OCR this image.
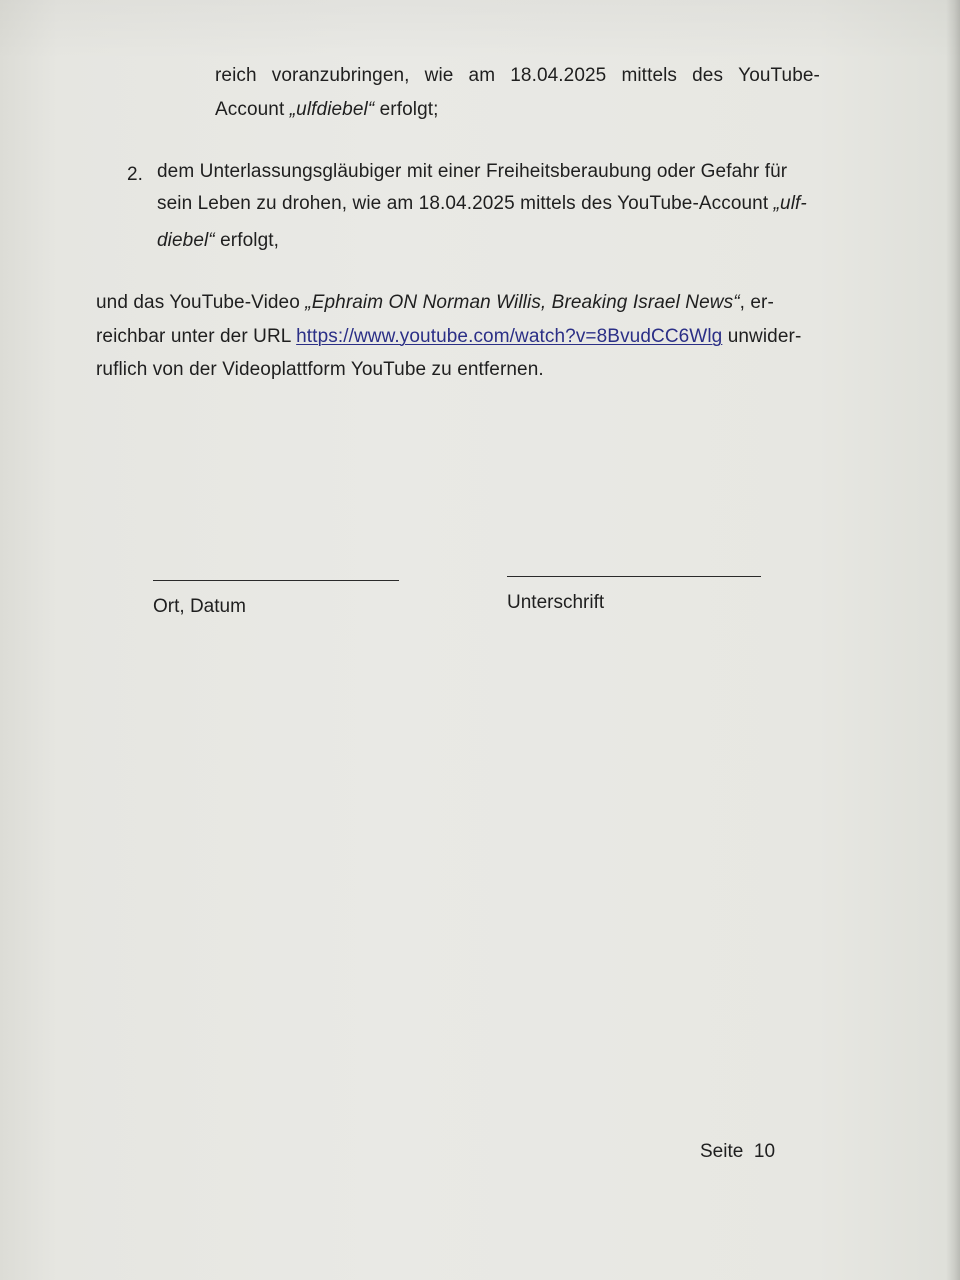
reich voranzubringen, wie am 18.04.2025 mittels des YouTube-
Account „ulfdiebel“ erfolgt;
2. dem Unterlassungsgläubiger mit einer Freiheitsberaubung oder Gefahr für
sein Leben zu drohen, wie am 18.04.2025 mittels des YouTube-Account „ulf-
diebel“ erfolgt,
und das YouTube-Video „Ephraim ON Norman Willis, Breaking Israel News“, er-
reichbar unter der URL https://www.youtube.com/watch?v=8BvudCC6Wlg unwider-
ruflich von der Videoplattform YouTube zu entfernen.
Ort, Datum	Unterschrift
Seite 10
